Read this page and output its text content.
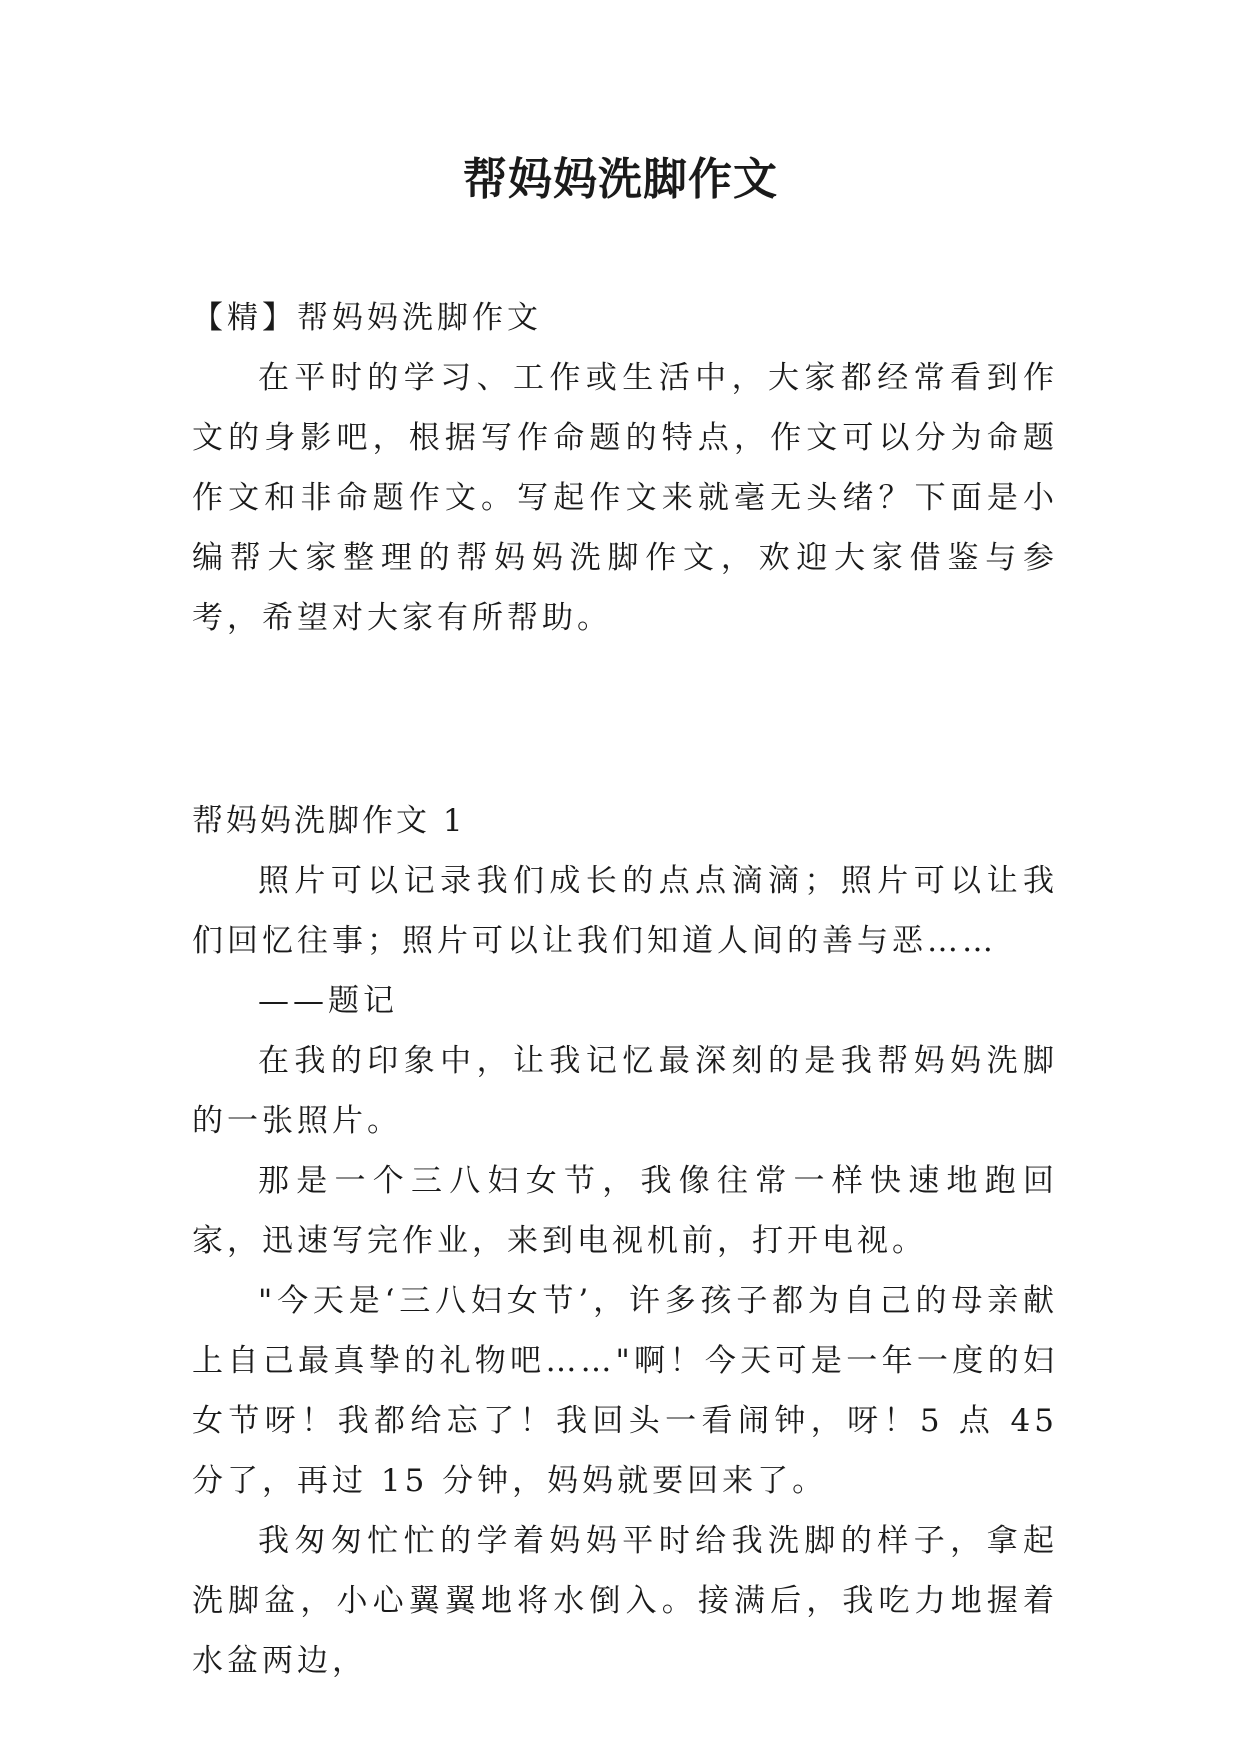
帮妈妈洗脚作文

【精】帮妈妈洗脚作文

在平时的学习、工作或生活中，大家都经常看到作文的身影吧，根据写作命题的特点，作文可以分为命题作文和非命题作文。写起作文来就毫无头绪？下面是小编帮大家整理的帮妈妈洗脚作文，欢迎大家借鉴与参考，希望对大家有所帮助。

帮妈妈洗脚作文 1

照片可以记录我们成长的点点滴滴；照片可以让我们回忆往事；照片可以让我们知道人间的善与恶……

——题记

在我的印象中，让我记忆最深刻的是我帮妈妈洗脚的一张照片。

那是一个三八妇女节，我像往常一样快速地跑回家，迅速写完作业，来到电视机前，打开电视。

"今天是‘三八妇女节’，许多孩子都为自己的母亲献上自己最真挚的礼物吧……"啊！今天可是一年一度的妇女节呀！我都给忘了！我回头一看闹钟，呀！5 点 45 分了，再过 15 分钟，妈妈就要回来了。

我匆匆忙忙的学着妈妈平时给我洗脚的样子，拿起洗脚盆，小心翼翼地将水倒入。接满后，我吃力地握着水盆两边，
